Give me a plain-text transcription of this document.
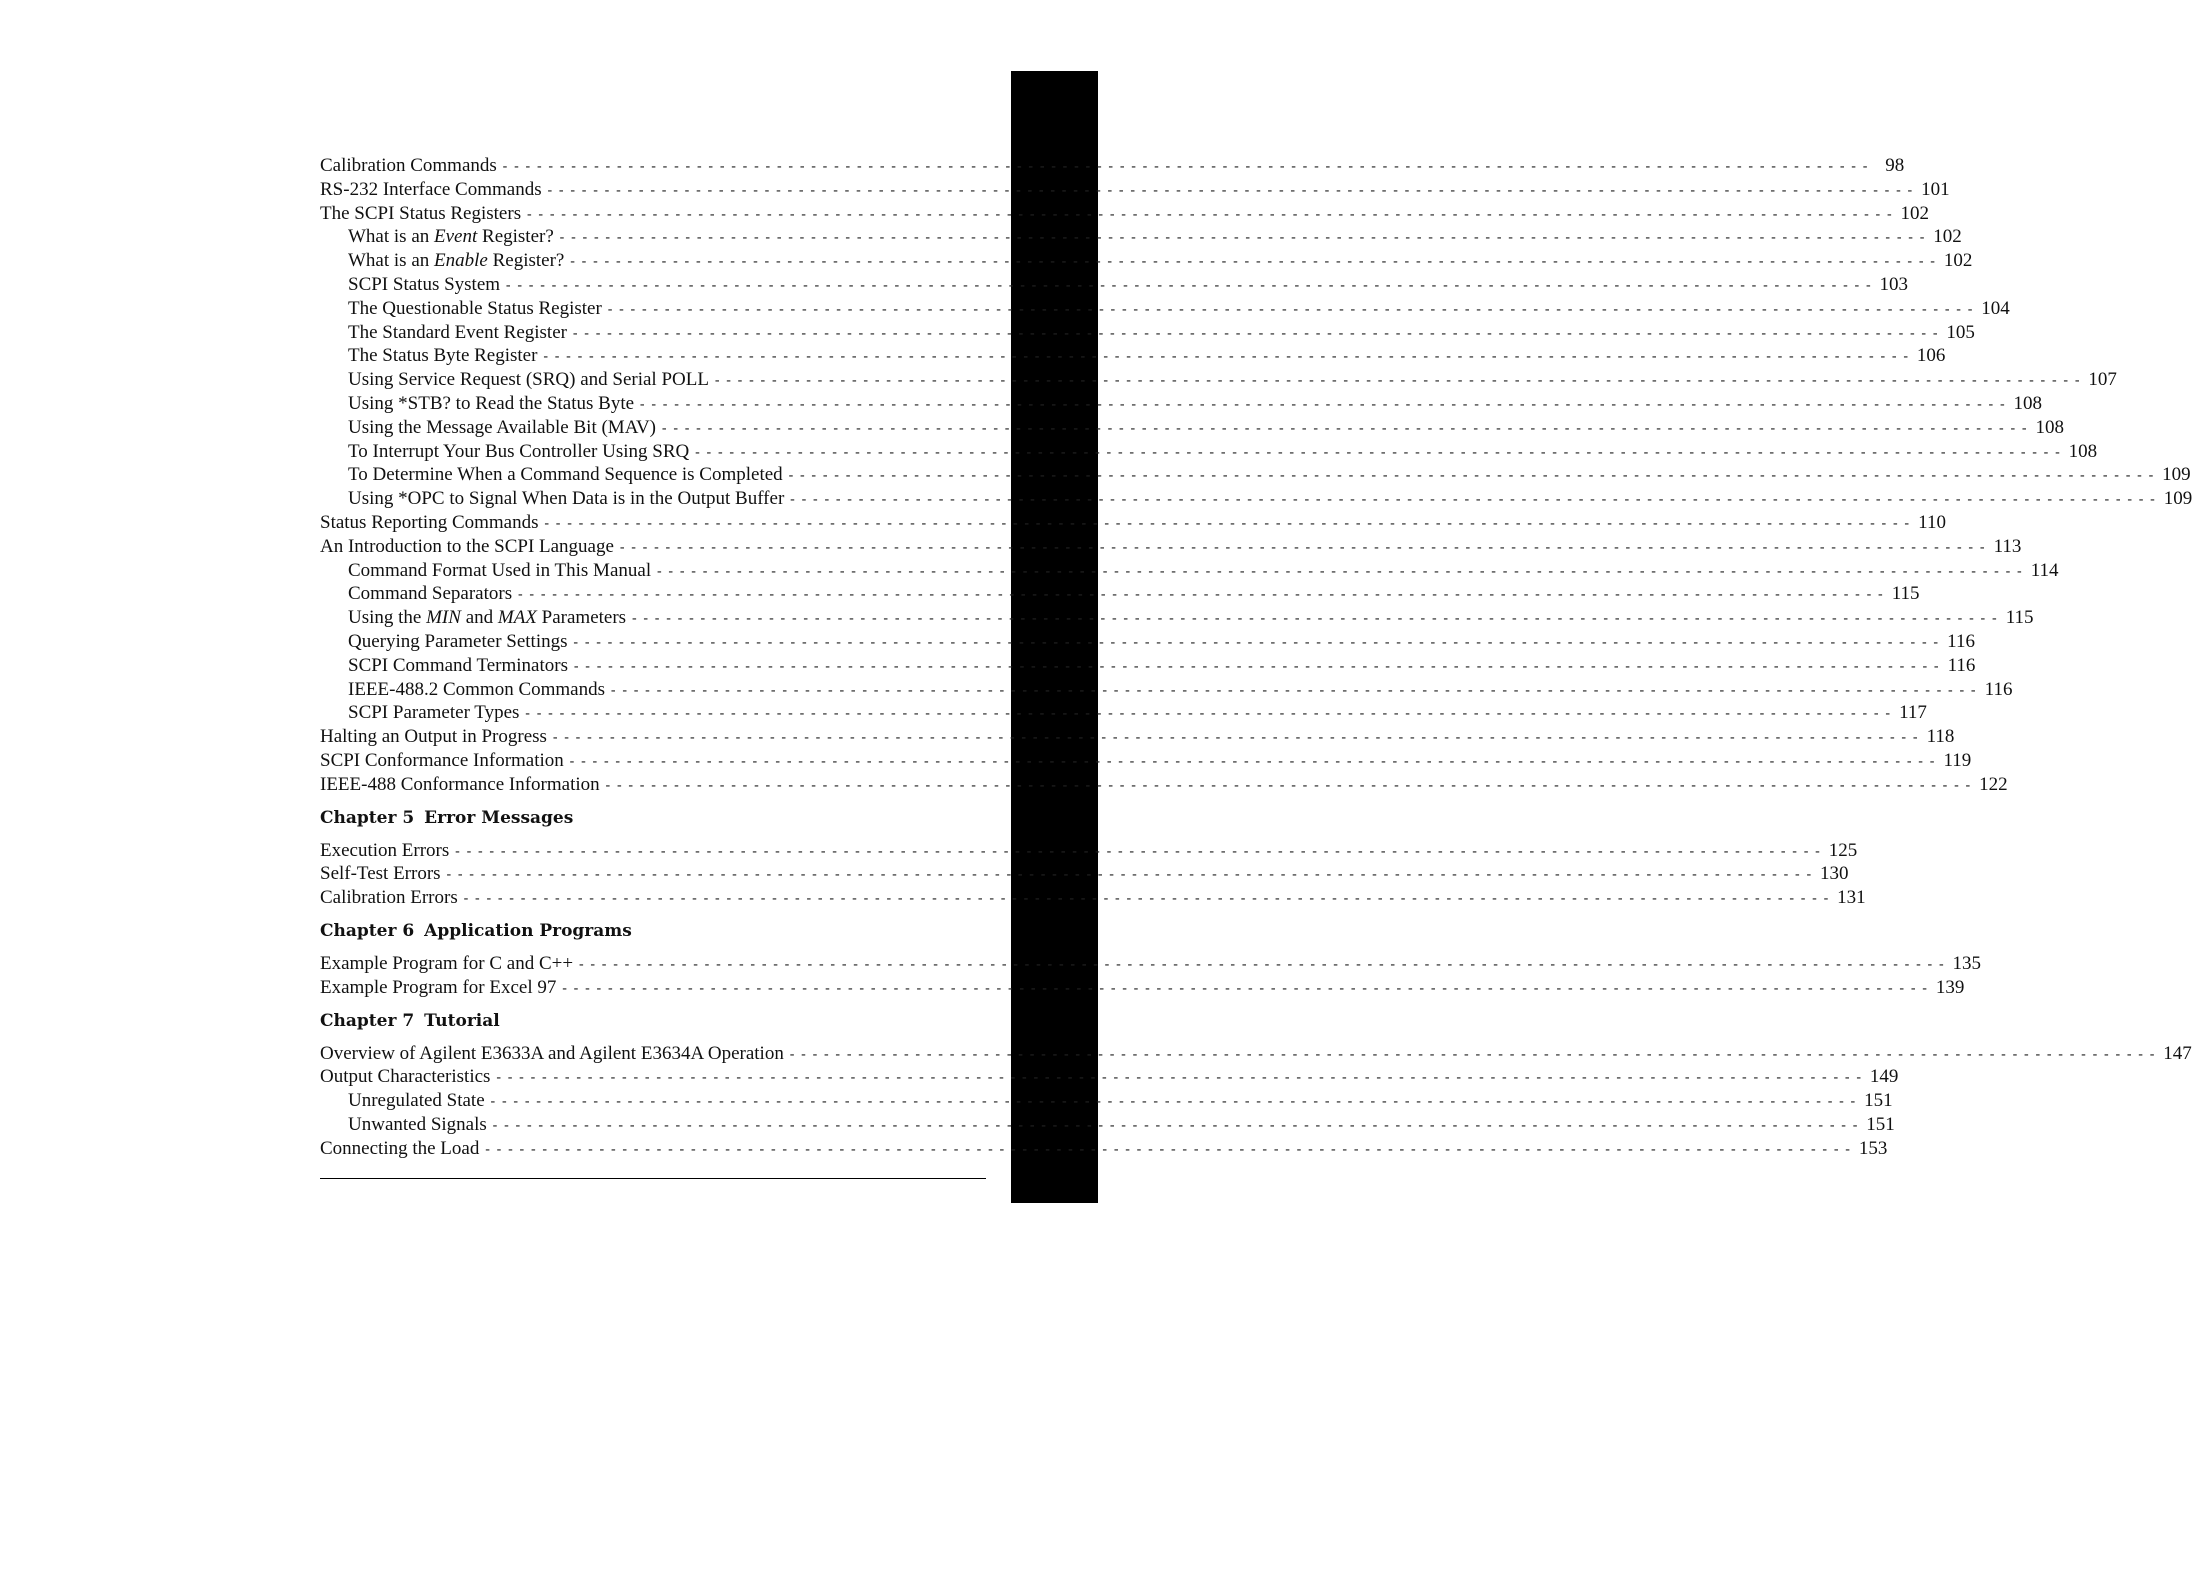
Calibration Commands ------------------------------------------------------------------------------------------------------------------------ 98
RS-232 Interface Commands ------------------------------------------------------------------------------------------------------------------------ 101
The SCPI Status Registers ------------------------------------------------------------------------------------------------------------------------ 102
What is an Event Register? ------------------------------------------------------------------------------------------------------------------------ 102
What is an Enable Register? ------------------------------------------------------------------------------------------------------------------------ 102
SCPI Status System ------------------------------------------------------------------------------------------------------------------------ 103
The Questionable Status Register ------------------------------------------------------------------------------------------------------------------------ 104
The Standard Event Register ------------------------------------------------------------------------------------------------------------------------ 105
The Status Byte Register ------------------------------------------------------------------------------------------------------------------------ 106
Using Service Request (SRQ) and Serial POLL ------------------------------------------------------------------------------------------------------------------------ 107
Using *STB? to Read the Status Byte ------------------------------------------------------------------------------------------------------------------------ 108
Using the Message Available Bit (MAV) ------------------------------------------------------------------------------------------------------------------------ 108
To Interrupt Your Bus Controller Using SRQ ------------------------------------------------------------------------------------------------------------------------ 108
To Determine When a Command Sequence is Completed ------------------------------------------------------------------------------------------------------------------------ 109
Using *OPC to Signal When Data is in the Output Buffer ------------------------------------------------------------------------------------------------------------------------ 109
Status Reporting Commands ------------------------------------------------------------------------------------------------------------------------ 110
An Introduction to the SCPI Language ------------------------------------------------------------------------------------------------------------------------ 113
Command Format Used in This Manual ------------------------------------------------------------------------------------------------------------------------ 114
Command Separators ------------------------------------------------------------------------------------------------------------------------ 115
Using the MIN and MAX Parameters ------------------------------------------------------------------------------------------------------------------------ 115
Querying Parameter Settings ------------------------------------------------------------------------------------------------------------------------ 116
SCPI Command Terminators ------------------------------------------------------------------------------------------------------------------------ 116
IEEE-488.2 Common Commands ------------------------------------------------------------------------------------------------------------------------ 116
SCPI Parameter Types ------------------------------------------------------------------------------------------------------------------------ 117
Halting an Output in Progress ------------------------------------------------------------------------------------------------------------------------ 118
SCPI Conformance Information ------------------------------------------------------------------------------------------------------------------------ 119
IEEE-488 Conformance Information ------------------------------------------------------------------------------------------------------------------------ 122
Chapter 5 Error Messages
Execution Errors ------------------------------------------------------------------------------------------------------------------------ 125
Self-Test Errors ------------------------------------------------------------------------------------------------------------------------ 130
Calibration Errors ------------------------------------------------------------------------------------------------------------------------ 131
Chapter 6 Application Programs
Example Program for C and C++ ------------------------------------------------------------------------------------------------------------------------ 135
Example Program for Excel 97 ------------------------------------------------------------------------------------------------------------------------ 139
Chapter 7 Tutorial
Overview of Agilent E3633A and Agilent E3634A Operation ------------------------------------------------------------------------------------------------------------------------ 147
Output Characteristics ------------------------------------------------------------------------------------------------------------------------ 149
Unregulated State ------------------------------------------------------------------------------------------------------------------------ 151
Unwanted Signals ------------------------------------------------------------------------------------------------------------------------ 151
Connecting the Load ------------------------------------------------------------------------------------------------------------------------ 153
